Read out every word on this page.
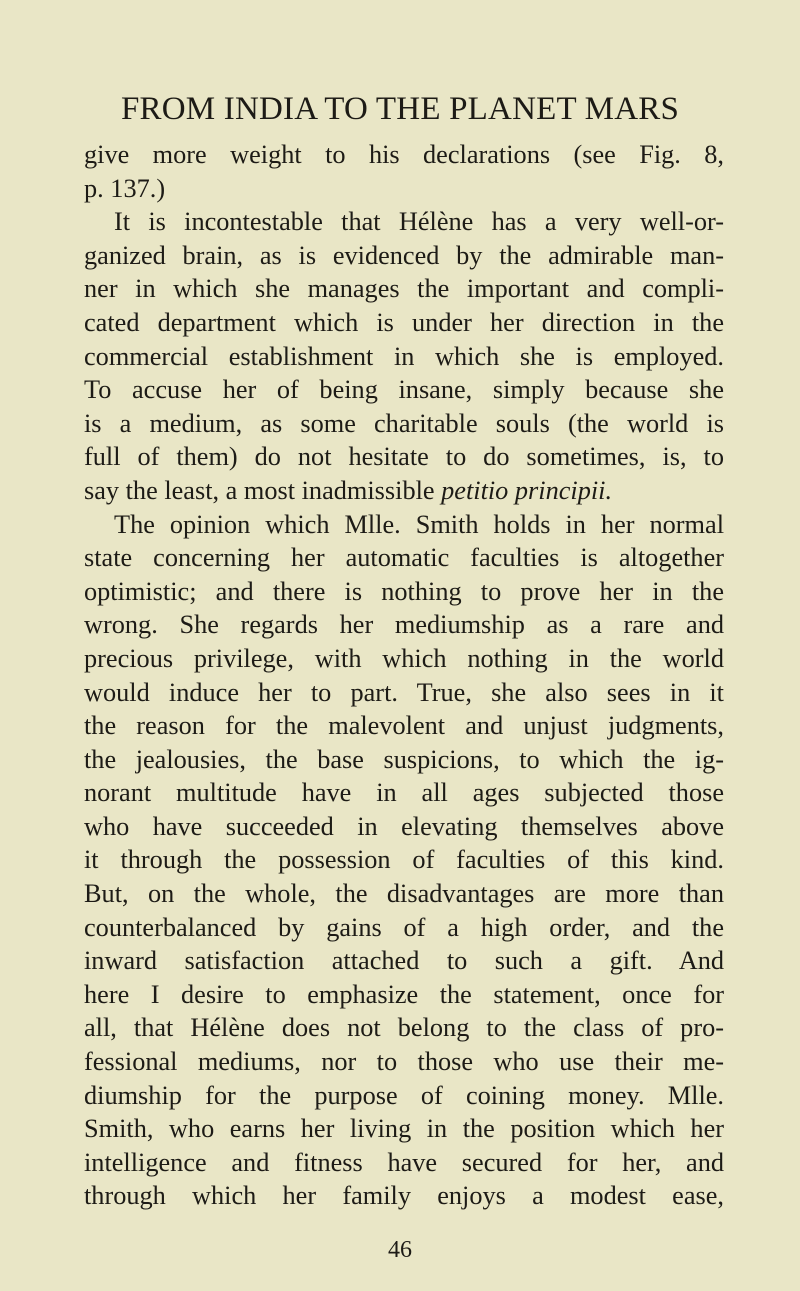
FROM INDIA TO THE PLANET MARS
give more weight to his declarations (see Fig. 8,
p. 137.)
It is incontestable that Hélène has a very well-or-
ganized brain, as is evidenced by the admirable man-
ner in which she manages the important and compli-
cated department which is under her direction in the
commercial establishment in which she is employed.
To accuse her of being insane, simply because she
is a medium, as some charitable souls (the world is
full of them) do not hesitate to do sometimes, is, to
say the least, a most inadmissible petitio principii.
The opinion which Mlle. Smith holds in her normal
state concerning her automatic faculties is altogether
optimistic; and there is nothing to prove her in the
wrong. She regards her mediumship as a rare and
precious privilege, with which nothing in the world
would induce her to part. True, she also sees in it
the reason for the malevolent and unjust judgments,
the jealousies, the base suspicions, to which the ig-
norant multitude have in all ages subjected those
who have succeeded in elevating themselves above
it through the possession of faculties of this kind.
But, on the whole, the disadvantages are more than
counterbalanced by gains of a high order, and the
inward satisfaction attached to such a gift. And
here I desire to emphasize the statement, once for
all, that Hélène does not belong to the class of pro-
fessional mediums, nor to those who use their me-
diumship for the purpose of coining money. Mlle.
Smith, who earns her living in the position which her
intelligence and fitness have secured for her, and
through which her family enjoys a modest ease,
46
